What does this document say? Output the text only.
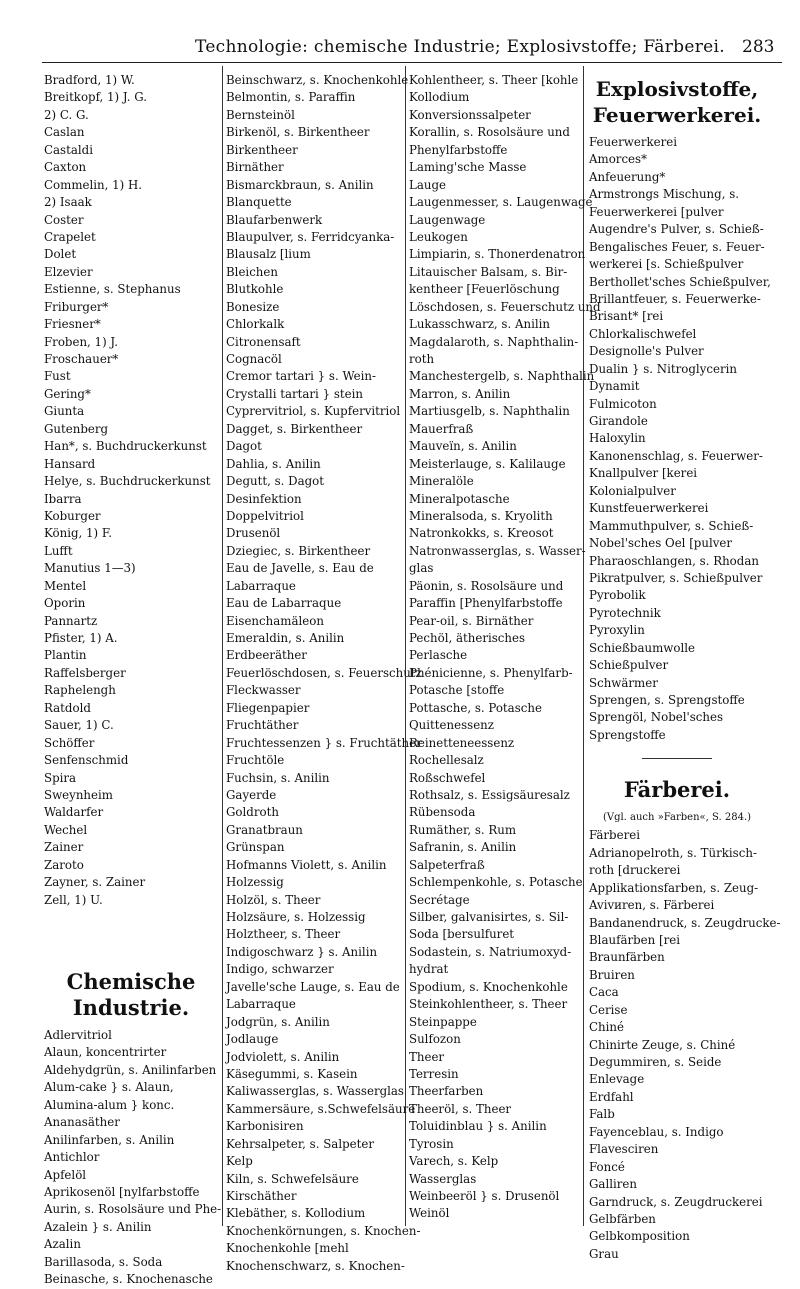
Technologie: chemische Industrie; Explosivstoffe; Färberei. 283
Bradford, 1) W.
Breitkopf, 1) J. G.
2) C. G.
Caslan
Castaldi
Caxton
Commelin, 1) H.
2) Isaak
Coster
Crapelet
Dolet
Elzevier
Estienne, s. Stephanus
Friburger*
Friesner*
Froben, 1) J.
Froschauer*
Fust
Gering*
Giunta
Gutenberg
Han*, s. Buchdruckerkunst
Hansard
Helye, s. Buchdruckerkunst
Ibarra
Koburger
König, 1) F.
Lufft
Manutius 1—3)
Mentel
Oporin
Pannartz
Pfister, 1) A.
Plantin
Raffelsberger
Raphelengh
Ratdold
Sauer, 1) C.
Schöffer
Senfenschmid
Spira
Sweynheim
Waldarfer
Wechel
Zainer
Zaroto
Zayner, s. Zainer
Zell, 1) U.
Chemische Industrie.
Adlervitriol
Alaun, koncentrirter
Aldehydgrün, s. Anilinfarben
Alum-cake } s. Alaun,
Alumina-alum } konc.
Ananasäther
Anilinfarben, s. Anilin
Antichlor
Apfelöl
Aprikosenöl [nylfarbstoffe
Aurin, s. Rosolsäure und Phe-
Azalein } s. Anilin
Azalin
Barillasoda, s. Soda
Beinasche, s. Knochenasche
Beinschwarz, s. Knochenkohle
Belmontin, s. Paraffin
Bernsteinöl
Birkenöl, s. Birkentheer
Birkentheer
Birnäther
Bismarckbraun, s. Anilin
Blanquette
Blaufarbenwerk
Blaupulver, s. Ferridcyanka-
Blausalz [lium
Bleichen
Blutkohle
Bonesize
Chlorkalk
Citronensaft
Cognacöl
Cremor tartari } s. Wein-
Crystalli tartari } stein
Cyprervitriol, s. Kupfervitriol
Dagget, s. Birkentheer
Dagot
Dahlia, s. Anilin
Degutt, s. Dagot
Desinfektion
Doppelvitriol
Drusenöl
Dziegiec, s. Birkentheer
Eau de Javelle, s. Eau de
Labarraque
Eau de Labarraque
Eisenchamäleon
Emeraldin, s. Anilin
Erdbeeräther
Feuerlöschdosen, s. Feuerschutz
Fleckwasser
Fliegenpapier
Fruchtäther
Fruchtessenzen } s. Fruchtäther
Fruchtöle
Fuchsin, s. Anilin
Gayerde
Goldroth
Granatbraun
Grünspan
Hofmanns Violett, s. Anilin
Holzessig
Holzöl, s. Theer
Holzsäure, s. Holzessig
Holztheer, s. Theer
Indigoschwarz } s. Anilin
Indigo, schwarzer
Javelle'sche Lauge, s. Eau de
Labarraque
Jodgrün, s. Anilin
Jodlauge
Jodviolett, s. Anilin
Käsegummi, s. Kasein
Kaliwasserglas, s. Wasserglas
Kammersäure, s.Schwefelsäure
Karbonisiren
Kehrsalpeter, s. Salpeter
Kelp
Kiln, s. Schwefelsäure
Kirschäther
Klebäther, s. Kollodium
Knochenkörnungen, s. Knochen-
Knochenkohle [mehl
Knochenschwarz, s. Knochen-
Kohlentheer, s. Theer [kohle
Kollodium
Konversionssalpeter
Korallin, s. Rosolsäure und
Phenylfarbstoffe
Laming'sche Masse
Lauge
Laugenmesser, s. Laugenwage
Laugenwage
Leukogen
Limpiarin, s. Thonerdenatron
Litauischer Balsam, s. Bir-
kentheer [Feuerlöschung
Löschdosen, s. Feuerschutz und
Lukasschwarz, s. Anilin
Magdalaroth, s. Naphthalin-
roth
Manchestergelb, s. Naphthalin
Marron, s. Anilin
Martiusgelb, s. Naphthalin
Mauerfraß
Mauveïn, s. Anilin
Meisterlauge, s. Kalilauge
Mineralöle
Mineralpotasche
Mineralsoda, s. Kryolith
Natronkokks, s. Kreosot
Natronwasserglas, s. Wasser-
glas
Päonin, s. Rosolsäure und
Paraffin [Phenylfarbstoffe
Pear-oil, s. Birnäther
Pechöl, ätherisches
Perlasche
Phénicienne, s. Phenylfarb-
Potasche [stoffe
Pottasche, s. Potasche
Quittenessenz
Reinetteneessenz
Rochellesalz
Roßschwefel
Rothsalz, s. Essigsäuresalz
Rübensoda
Rumäther, s. Rum
Safranin, s. Anilin
Salpeterfraß
Schlempenkohle, s. Potasche
Secrétage
Silber, galvanisirtes, s. Sil-
Soda [bersulfuret
Sodastein, s. Natriumoxyd-
hydrat
Spodium, s. Knochenkohle
Steinkohlentheer, s. Theer
Steinpappe
Sulfozon
Theer
Terresin
Theerfarben
Theeröl, s. Theer
Toluidinblau } s. Anilin
Tyrosin
Varech, s. Kelp
Wasserglas
Weinbeeröl } s. Drusenöl
Weinöl
Explosivstoffe, Feuerwerkerei.
Feuerwerkerei
Amorces*
Anfeuerung*
Armstrongs Mischung, s.
Feuerwerkerei [pulver
Augendre's Pulver, s. Schieß-
Bengalisches Feuer, s. Feuer-
werkerei [s. Schießpulver
Berthollet'sches Schießpulver,
Brillantfeuer, s. Feuerwerke-
Brisant* [rei
Chlorkalischwefel
Designolle's Pulver
Dualin } s. Nitroglycerin
Dynamit
Fulmicoton
Girandole
Haloxylin
Kanonenschlag, s. Feuerwer-
Knallpulver [kerei
Kolonialpulver
Kunstfeuerwerkerei
Mammuthpulver, s. Schieß-
Nobel'sches Oel [pulver
Pharaoschlangen, s. Rhodan
Pikratpulver, s. Schießpulver
Pyrobolik
Pyrotechnik
Pyroxylin
Schießbaumwolle
Schießpulver
Schwärmer
Sprengen, s. Sprengstoffe
Sprengöl, Nobel'sches
Sprengstoffe
Färberei.
(Vgl. auch »Farben«, S. 284.)
Färberei
Adrianopelroth, s. Türkisch-
roth [druckerei
Applikationsfarben, s. Zeug-
Avivиren, s. Färberei
Bandanendruck, s. Zeugdrucke-
Blaufärben [rei
Braunfärben
Bruiren
Caca
Cerise
Chiné
Chinirte Zeuge, s. Chiné
Degummiren, s. Seide
Enlevage
Erdfahl
Falb
Fayenceblau, s. Indigo
Flavesciren
Foncé
Galliren
Garndruck, s. Zeugdruckerei
Gelbfärben
Gelbkomposition
Grau
